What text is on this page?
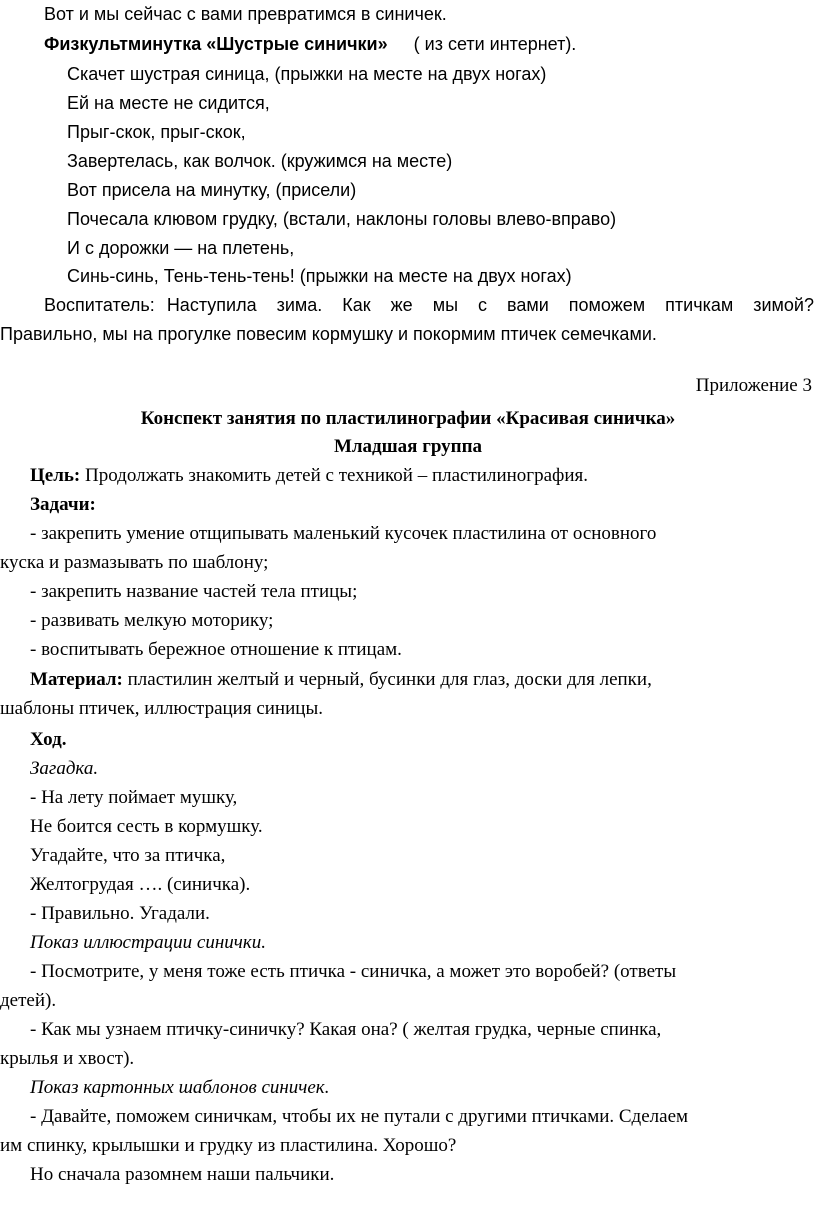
Вот и мы сейчас с вами превратимся в синичек.
Физкультминутка «Шустрые синички» ( из сети интернет).
Скачет шустрая синица, (прыжки на месте на двух ногах)
Ей на месте не сидится,
Прыг-скок, прыг-скок,
Завертелась, как волчок. (кружимся на месте)
Вот присела на минутку, (присели)
Почесала клювом грудку, (встали, наклоны головы влево-вправо)
И с дорожки — на плетень,
Синь-синь, Тень-тень-тень! (прыжки на месте на двух ногах)
Воспитатель: Наступила зима. Как же мы с вами поможем птичкам зимой?
Правильно, мы на прогулке повесим кормушку и покормим птичек семечками.
Приложение 3
Конспект занятия по пластилинографии «Красивая синичка»
Младшая группа
Цель: Продолжать знакомить детей с техникой – пластилинография.
Задачи:
- закрепить умение отщипывать маленький кусочек пластилина от основного
куска и размазывать по шаблону;
- закрепить название частей тела птицы;
- развивать мелкую моторику;
- воспитывать бережное отношение к птицам.
Материал: пластилин желтый и черный, бусинки для глаз, доски для лепки,
шаблоны птичек, иллюстрация синицы.
Ход.
Загадка.
- На лету поймает мушку,
Не боится сесть в кормушку.
Угадайте, что за птичка,
Желтогрудая …. (синичка).
- Правильно. Угадали.
Показ иллюстрации синички.
- Посмотрите, у меня тоже есть птичка - синичка, а может это воробей? (ответы
детей).
- Как мы узнаем птичку-синичку? Какая она? ( желтая грудка, черные спинка,
крылья и хвост).
Показ картонных шаблонов синичек.
- Давайте, поможем синичкам, чтобы их не путали с другими птичками. Сделаем
им спинку, крылышки и грудку из пластилина. Хорошо?
Но сначала разомнем наши пальчики.
